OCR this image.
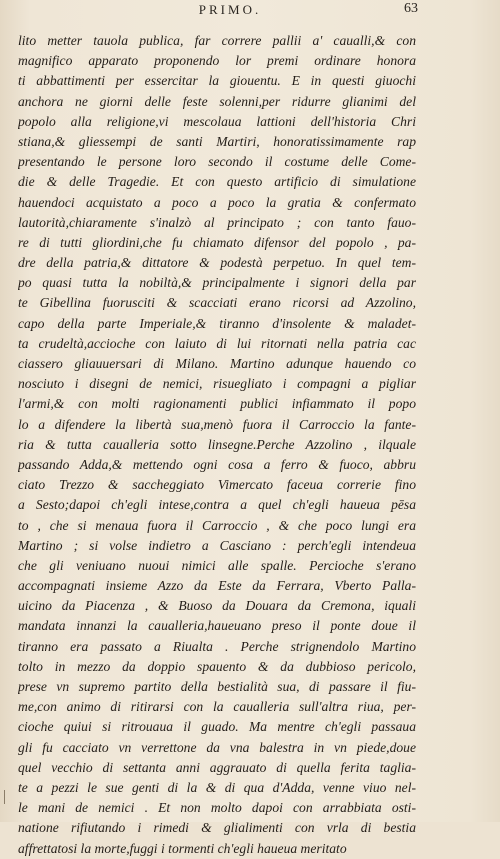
PRIMO.	63
lito metter tauola publica, far correre pallii a' caualli,& con
magnifico apparato proponendo lor premi ordinare honora
ti abbattimenti per essercitar la giouentu. E in questi giuochi
anchora ne giorni delle feste solenni,per ridurre glianimi del
popolo alla religione,vi mescolaua lattioni dell'historia Chri
stiana,& gliessempi de santi Martiri, honoratissimamente rap
presentando le persone loro secondo il costume delle Come-
die & delle Tragedie. Et con questo artificio di simulatione
hauendoci acquistato a poco a poco la gratia & confermato
lautorità,chiaramente s'inalzò al principato ; con tanto fauo-
re di tutti gliordini,che fu chiamato difensor del popolo , pa-
dre della patria,& dittatore & podestà perpetuo. In quel tem-
po quasi tutta la nobiltà,& principalmente i signori della par
te Gibellina fuorusciti & scacciati erano ricorsi ad Azzolino,
capo della parte Imperiale,& tiranno d'insolente & maladet-
ta crudeltà,accioche con laiuto di lui ritornati nella patria cac
ciassero gliauuersari di Milano. Martino adunque hauendo co
nosciuto i disegni de nemici, risuegliato i compagni a pigliar
l'armi,& con molti ragionamenti publici infiammato il popo
lo a difendere la libertà sua,menò fuora il Carroccio la fante-
ria & tutta caualleria sotto linsegne.Perche Azzolino , ilquale
passando Adda,& mettendo ogni cosa a ferro & fuoco, abbru
ciato Trezzo & saccheggiato Vimercato faceua correrie fino
a Sesto;dapoi ch'egli intese,contra a quel ch'egli haueua pēsa
to , che si menaua fuora il Carroccio , & che poco lungi era
Martino ; si volse indietro a Casciano : perch'egli intendeua
che gli veniuano nuoui nimici alle spalle. Percioche s'erano
accompagnati insieme Azzo da Este da Ferrara, Vberto Palla-
uicino da Piacenza , & Buoso da Douara da Cremona, iquali
mandata innanzi la caualleria,haueuano preso il ponte doue il
tiranno era passato a Riualta . Perche strignendolo Martino
tolto in mezzo da doppio spauento & da dubbioso pericolo,
prese vn supremo partito della bestialità sua, di passare il fiu-
me,con animo di ritirarsi con la caualleria sull'altra riua, per-
cioche quiui si ritrouaua il guado. Ma mentre ch'egli passaua
gli fu cacciato vn verrettone da vna balestra in vn piede,doue
quel vecchio di settanta anni aggrauato di quella ferita taglia-
te a pezzi le sue genti di la & di qua d'Adda, venne viuo nel-
le mani de nemici . Et non molto dapoi con arrabbiata osti-
natione rifiutando i rimedi & glialimenti con vrla di bestia
affrettatosi la morte,fuggi i tormenti ch'egli haueua meritato
